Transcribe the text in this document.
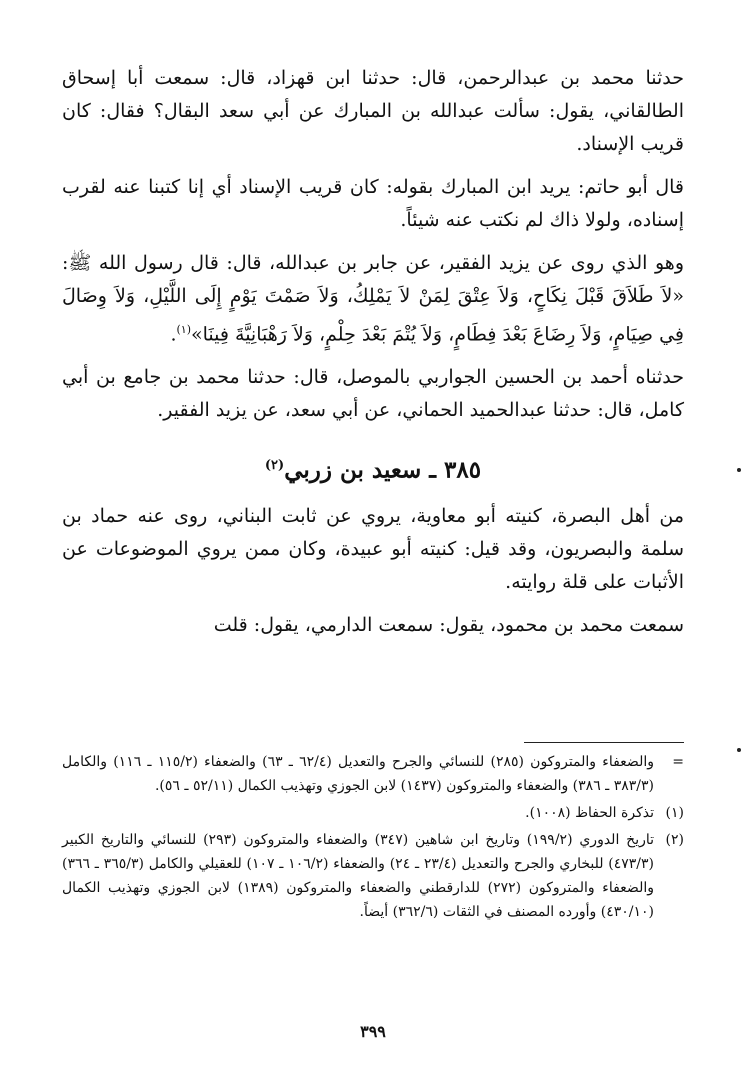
حدثنا محمد بن عبدالرحمن، قال: حدثنا ابن قهزاد، قال: سمعت أبا إسحاق الطالقاني، يقول: سألت عبدالله بن المبارك عن أبي سعد البقال؟ فقال: كان قريب الإسناد.

قال أبو حاتم: يريد ابن المبارك بقوله: كان قريب الإسناد أي إنا كتبنا عنه لقرب إسناده، ولولا ذاك لم نكتب عنه شيئاً.

وهو الذي روى عن يزيد الفقير، عن جابر بن عبدالله، قال: قال رسول الله ﷺ: «لاَ طَلاَقَ قَبْلَ نِكَاحٍ، وَلاَ عِتْقَ لِمَنْ لاَ يَمْلِكُ، وَلاَ صَمْتَ يَوْمٍ إِلَى اللَّيْلِ، وَلاَ وِصَالَ فِي صِيَامٍ، وَلاَ رِضَاعَ بَعْدَ فِطَامٍ، وَلاَ يُتْمَ بَعْدَ حِلْمٍ، وَلاَ رَهْبَانِيَّةَ فِينَا»$^{(١)}$.

حدثناه أحمد بن الحسين الجواربي بالموصل، قال: حدثنا محمد بن جامع بن أبي كامل، قال: حدثنا عبدالحميد الحماني، عن أبي سعد، عن يزيد الفقير.

٣٨٥ ـ سعيد بن زربي$^{(٢)}$

من أهل البصرة، كنيته أبو معاوية، يروي عن ثابت البناني، روى عنه حماد بن سلمة والبصريون، وقد قيل: كنيته أبو عبيدة، وكان ممن يروي الموضوعات عن الأثبات على قلة روايته.

سمعت محمد بن محمود، يقول: سمعت الدارمي، يقول: قلت

=
والضعفاء والمتروكون (٢٨٥) للنسائي والجرح والتعديل (٦٢/٤ ـ ٦٣) والضعفاء (١١٥/٢ ـ ١١٦) والكامل (٣٨٣/٣ ـ ٣٨٦) والضعفاء والمتروكون (١٤٣٧) لابن الجوزي وتهذيب الكمال (٥٢/١١ ـ ٥٦).
(١)
تذكرة الحفاظ (١٠٠٨).
(٢)
تاريخ الدوري (١٩٩/٢) وتاريخ ابن شاهين (٣٤٧) والضعفاء والمتروكون (٢٩٣) للنسائي والتاريخ الكبير (٤٧٣/٣) للبخاري والجرح والتعديل (٢٣/٤ ـ ٢٤) والضعفاء (١٠٦/٢ ـ ١٠٧) للعقيلي والكامل (٣٦٥/٣ ـ ٣٦٦) والضعفاء والمتروكون (٢٧٢) للدارقطني والضعفاء والمتروكون (١٣٨٩) لابن الجوزي وتهذيب الكمال (٤٣٠/١٠) وأورده المصنف في الثقات (٣٦٢/٦) أيضاً.
٣٩٩
